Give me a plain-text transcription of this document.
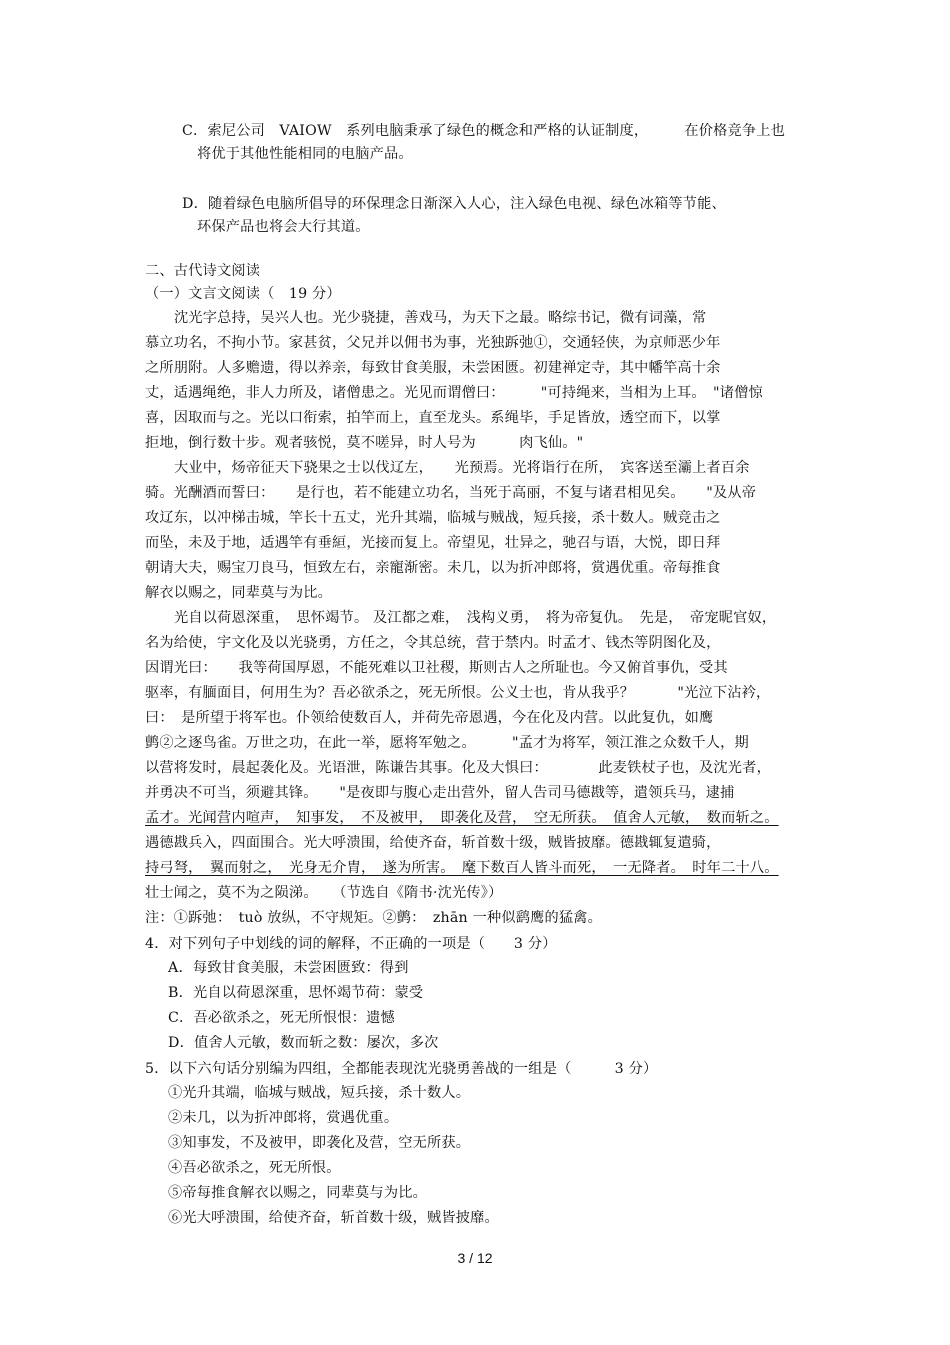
C．索尼公司　VAIOW　系列电脑秉承了绿色的概念和严格的认证制度，　　　在价格竞争上也
将优于其他性能相同的电脑产品。
D．随着绿色电脑所倡导的环保理念日渐深入人心，注入绿色电视、绿色冰箱等节能、
环保产品也将会大行其道。
二、古代诗文阅读
（一）文言文阅读（　19 分）
沈光字总持，吴兴人也。光少骁捷，善戏马，为天下之最。略综书记，微有词藻，常
慕立功名，不拘小节。家甚贫，父兄并以佣书为事，光独跅弛①，交通轻侠，为京师恶少年
之所朋附。人多赡遗，得以养亲，每致甘食美服，未尝困匮。初建禅定寺，其中幡竿高十余
丈，适遇绳绝，非人力所及，诸僧患之。光见而谓僧曰：　　　"可持绳来，当相为上耳。　"诸僧惊
喜，因取而与之。光以口衔索，拍竿而上，直至龙头。系绳毕，手足皆放，透空而下，以掌
拒地，倒行数十步。观者骇悦，莫不嗟异，时人号为　　　肉飞仙。"
大业中，炀帝征天下骁果之士以伐辽左，　　光预焉。光将诣行在所，　宾客送至灞上者百余
骑。光酬酒而誓曰：　　是行也，若不能建立功名，当死于高丽，不复与诸君相见矣。　　"及从帝
攻辽东，以冲梯击城，竿长十五丈，光升其端，临城与贼战，短兵接，杀十数人。贼竞击之
而坠，未及于地，适遇竿有垂絙，光接而复上。帝望见，壮异之，驰召与语，大悦，即日拜
朝请大夫，赐宝刀良马，恒致左右，亲寵渐密。未几，以为折冲郎将，赏遇优重。帝每推食
解衣以赐之，同辈莫与为比。
光自以荷恩深重，　思怀竭节。 及江都之难，　浅构义勇，　将为帝复仇。　先是，　帝宠昵官奴，
名为给使，宇文化及以光骁勇，方任之，令其总统，营于禁内。时孟才、钱杰等阴图化及，
因谓光曰：　　我等荷国厚恩，不能死难以卫社稷，斯则古人之所耻也。今又俯首事仇，受其
驱率，有腼面目，何用生为？吾必欲杀之，死无所恨。公义士也，肯从我乎？　　　"光泣下沾衿，
曰：　是所望于将军也。仆领给使数百人，并荷先帝恩遇，今在化及内营。以此复仇，如鹰
鹯②之逐鸟雀。万世之功，在此一举，愿将军勉之。　　　"孟才为将军，领江淮之众数千人，期
以营将发时，晨起袭化及。光语泄，陈谦告其事。化及大惧曰：　　　　此麦铁杖子也，及沈光者，
并勇决不可当，须避其锋。　　"是夜即与腹心走出营外，留人告司马德戡等，遣领兵马，逮捕
孟才。光闻营内喧声，　知事发，　不及被甲，　即袭化及营，　空无所获。　值舍人元敏，　数而斩之。
遇德戡兵入，四面围合。光大呼溃围，给使齐奋，斩首数十级，贼皆披靡。德戡辄复遣骑，
持弓弩，　翼而射之，　光身无介胄，　遂为所害。　麾下数百人皆斗而死，　一无降者。　时年二十八。
壮士闻之，莫不为之陨涕。　　（节选自《隋书·沈光传》）
注：①跅弛：　tuò 放纵，不守规矩。②鹯：　zhān 一种似鹞鹰的猛禽。
4．对下列句子中划线的词的解释，不正确的一项是（　　3 分）
A．每致甘食美服，未尝困匮致：得到
B．光自以荷恩深重，思怀竭节荷：蒙受
C．吾必欲杀之，死无所恨恨：遗憾
D．值舍人元敏，数而斩之数：屡次，多次
5．以下六句话分别编为四组，全都能表现沈光骁勇善战的一组是（　　　3 分）
①光升其端，临城与贼战，短兵接，杀十数人。
②未几，以为折冲郎将，赏遇优重。
③知事发，不及被甲，即袭化及营，空无所获。
④吾必欲杀之，死无所恨。
⑤帝每推食解衣以赐之，同辈莫与为比。
⑥光大呼溃围，给使齐奋，斩首数十级，贼皆披靡。
3 / 12
